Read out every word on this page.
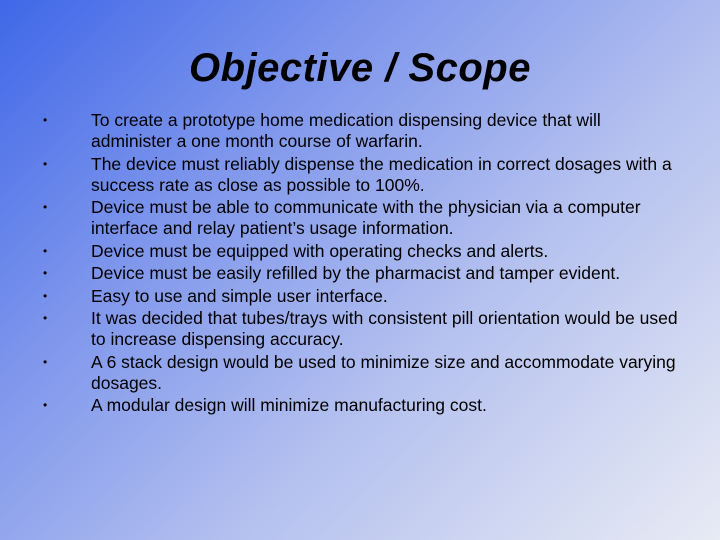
Objective / Scope
•	To create a prototype home medication dispensing device that will administer a one month course of warfarin.
•	The device must reliably dispense the medication in correct dosages with a success rate as close as possible to 100%.
•	Device must be able to communicate with the physician via a computer interface and relay patient’s usage information.
•	Device must be equipped with operating checks and alerts.
•	Device must be easily refilled by the pharmacist and tamper evident.
•	Easy to use and simple user interface.
•	It was decided that tubes/trays with consistent pill orientation would be used to increase dispensing accuracy.
•	A 6 stack design would be used to minimize size and accommodate varying dosages.
•	A modular design will minimize manufacturing cost.
